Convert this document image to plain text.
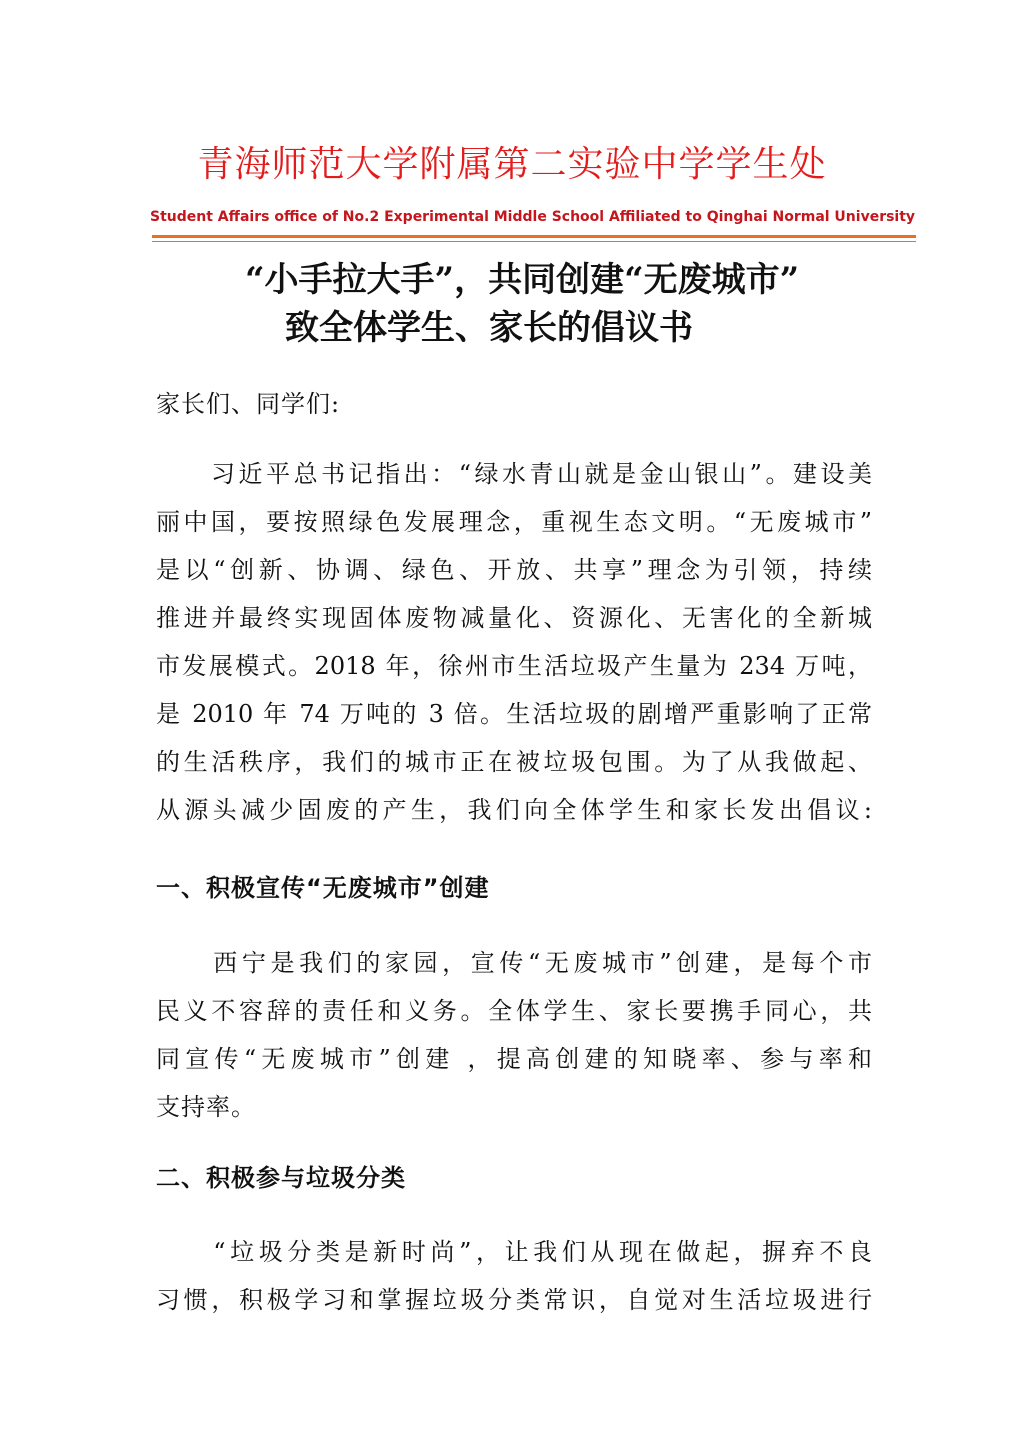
青海师范大学附属第二实验中学学生处
Student Affairs office of No.2 Experimental Middle School Affiliated to Qinghai Normal University
“小手拉大手”，共同创建“无废城市”
致全体学生、家长的倡议书
家长们、同学们:
　　习近平总书记指出：“绿水青山就是金山银山”。建设美
丽中国，要按照绿色发展理念，重视生态文明。“无废城市”
是以“创新、协调、绿色、开放、共享”理念为引领，持续
推进并最终实现固体废物减量化、资源化、无害化的全新城
市发展模式。2018 年，徐州市生活垃圾产生量为 234 万吨，
是 2010 年 74 万吨的 3 倍。生活垃圾的剧增严重影响了正常
的生活秩序，我们的城市正在被垃圾包围。为了从我做起、
从源头减少固废的产生，我们向全体学生和家长发出倡议:
一、积极宣传“无废城市”创建
　　西宁是我们的家园，宣传“无废城市”创建，是每个市
民义不容辞的责任和义务。全体学生、家长要携手同心，共
同宣传“无废城市”创建 ，提高创建的知晓率、参与率和
支持率。
二、积极参与垃圾分类
　　“垃圾分类是新时尚”，让我们从现在做起，摒弃不良
习惯，积极学习和掌握垃圾分类常识，自觉对生活垃圾进行
